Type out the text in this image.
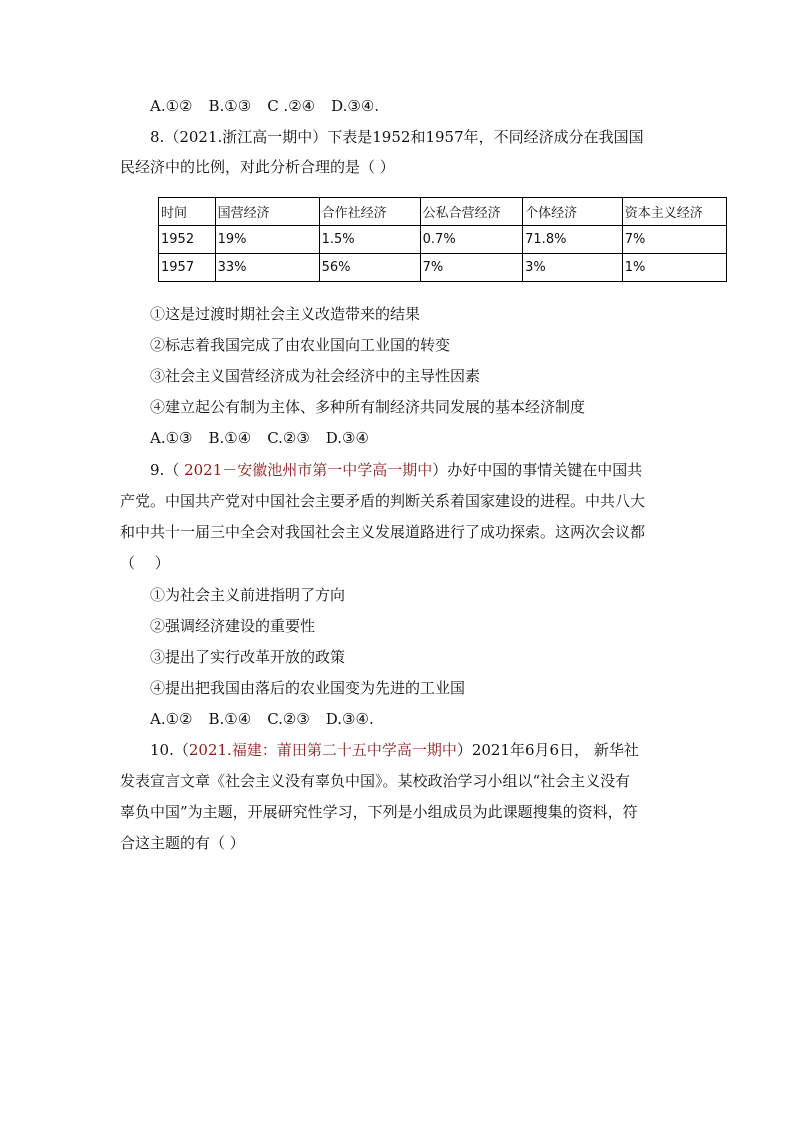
A.①② B.①③ C .②④ D.③④.
8.（2021.浙江高一期中）下表是1952和1957年，不同经济成分在我国国
民经济中的比例，对此分析合理的是（ ）
时间	国营经济	合作社经济	公私合营经济	个体经济	资本主义经济
1952	19%	1.5%	0.7%	71.8%	7%
1957	33%	56%	7%	3%	1%
①这是过渡时期社会主义改造带来的结果
②标志着我国完成了由农业国向工业国的转变
③社会主义国营经济成为社会经济中的主导性因素
④建立起公有制为主体、多种所有制经济共同发展的基本经济制度
A.①③ B.①④ C.②③ D.③④
9.（ 2021－安徽池州市第一中学高一期中）办好中国的事情关键在中国共
产党。中国共产党对中国社会主要矛盾的判断关系着国家建设的进程。中共八大
和中共十一届三中全会对我国社会主义发展道路进行了成功探索。这两次会议都
（　 ）
①为社会主义前进指明了方向
②强调经济建设的重要性
③提出了实行改革开放的政策
④提出把我国由落后的农业国变为先进的工业国
A.①② B.①④ C.②③ D.③④.
10.（2021.福建：莆田第二十五中学高一期中）2021年6月6日， 新华社
发表宣言文章《社会主义没有辜负中国》。某校政治学习小组以“社会主义没有
辜负中国”为主题，开展研究性学习，下列是小组成员为此课题搜集的资料，符
合这主题的有（ ）
